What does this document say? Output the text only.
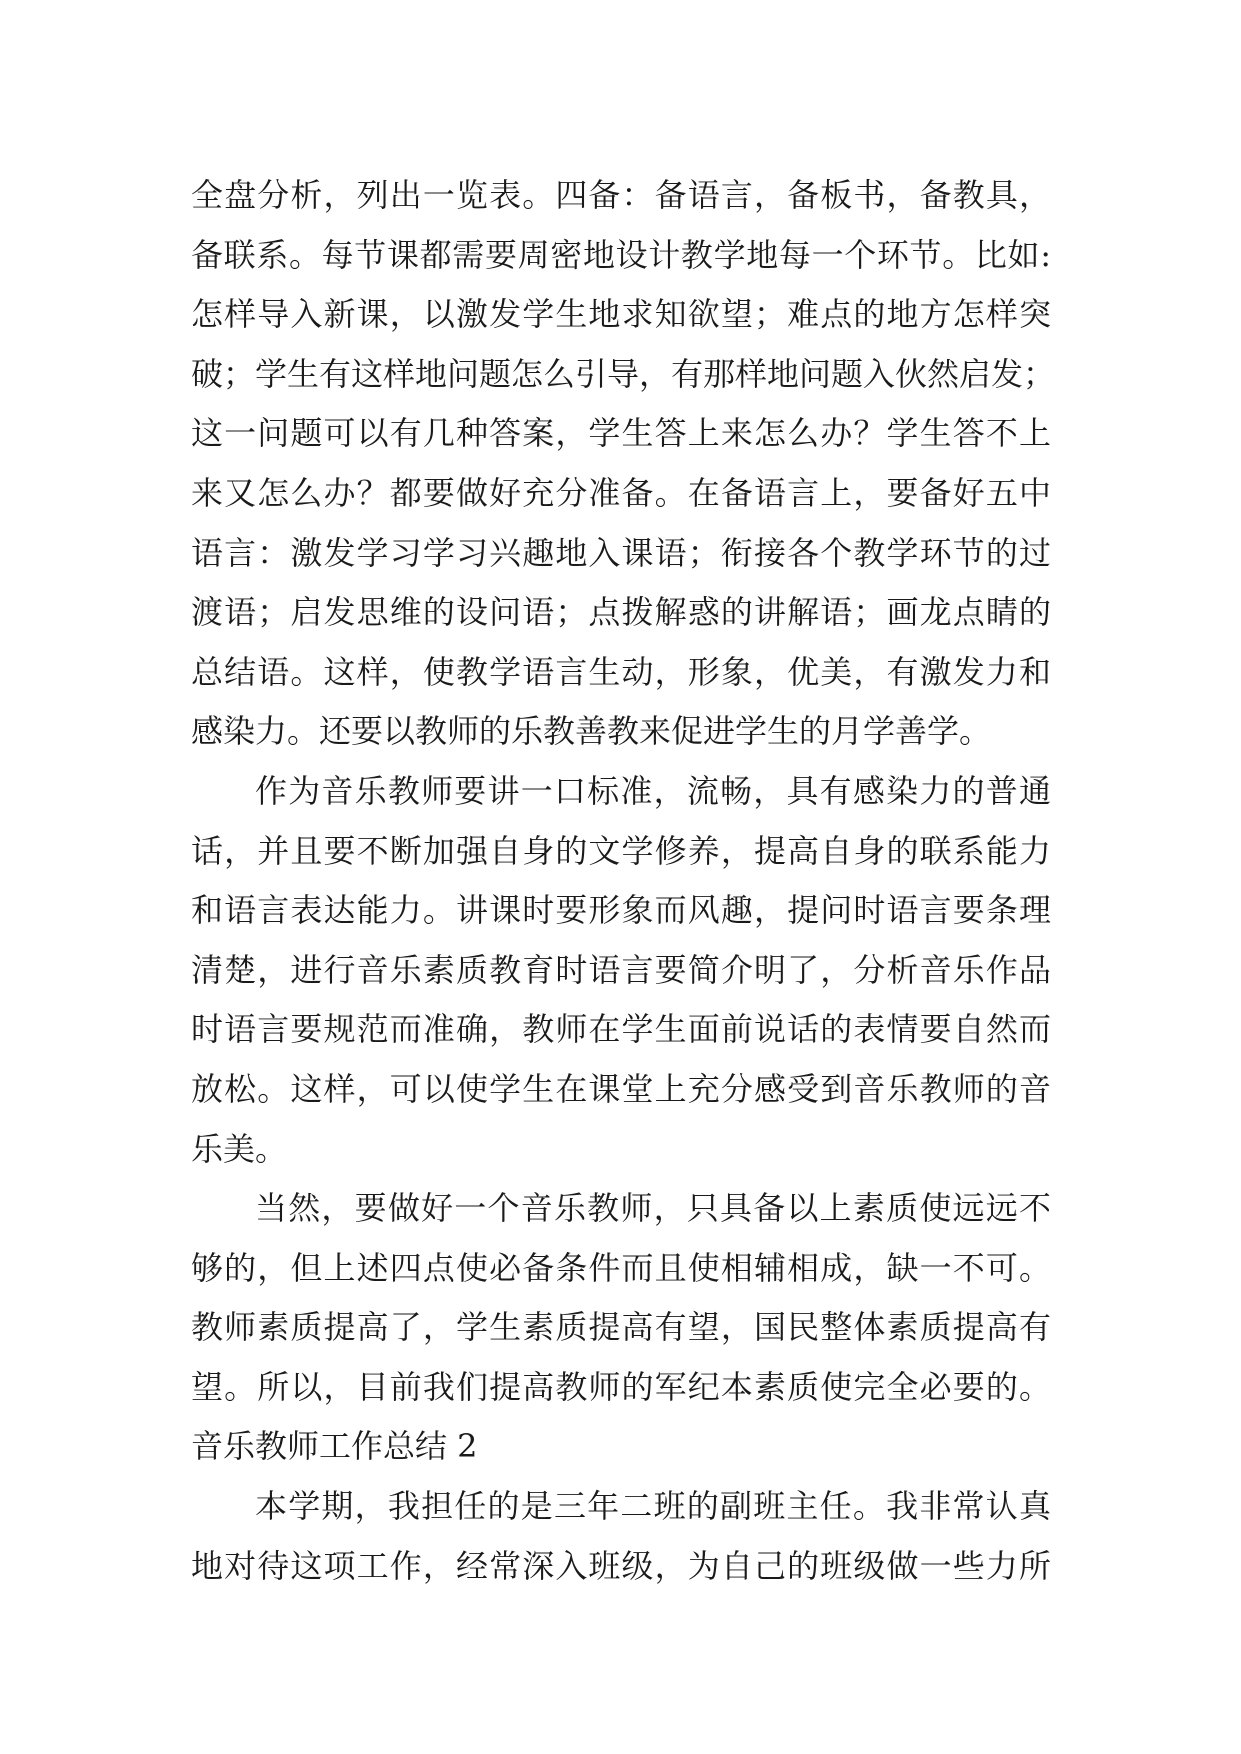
全盘分析，列出一览表。四备：备语言，备板书，备教具，
备联系。每节课都需要周密地设计教学地每一个环节。比如:
怎样导入新课，以激发学生地求知欲望；难点的地方怎样突
破；学生有这样地问题怎么引导，有那样地问题入伙然启发；
这一问题可以有几种答案，学生答上来怎么办？学生答不上
来又怎么办？都要做好充分准备。在备语言上，要备好五中
语言：激发学习学习兴趣地入课语；衔接各个教学环节的过
渡语；启发思维的设问语；点拨解惑的讲解语；画龙点睛的
总结语。这样，使教学语言生动，形象，优美，有激发力和
感染力。还要以教师的乐教善教来促进学生的月学善学。
作为音乐教师要讲一口标准，流畅，具有感染力的普通
话，并且要不断加强自身的文学修养，提高自身的联系能力
和语言表达能力。讲课时要形象而风趣，提问时语言要条理
清楚，进行音乐素质教育时语言要简介明了，分析音乐作品
时语言要规范而准确，教师在学生面前说话的表情要自然而
放松。这样，可以使学生在课堂上充分感受到音乐教师的音
乐美。
当然，要做好一个音乐教师，只具备以上素质使远远不
够的，但上述四点使必备条件而且使相辅相成，缺一不可。
教师素质提高了，学生素质提高有望，国民整体素质提高有
望。所以，目前我们提高教师的军纪本素质使完全必要的。
音乐教师工作总结 2
本学期，我担任的是三年二班的副班主任。我非常认真
地对待这项工作，经常深入班级，为自己的班级做一些力所
